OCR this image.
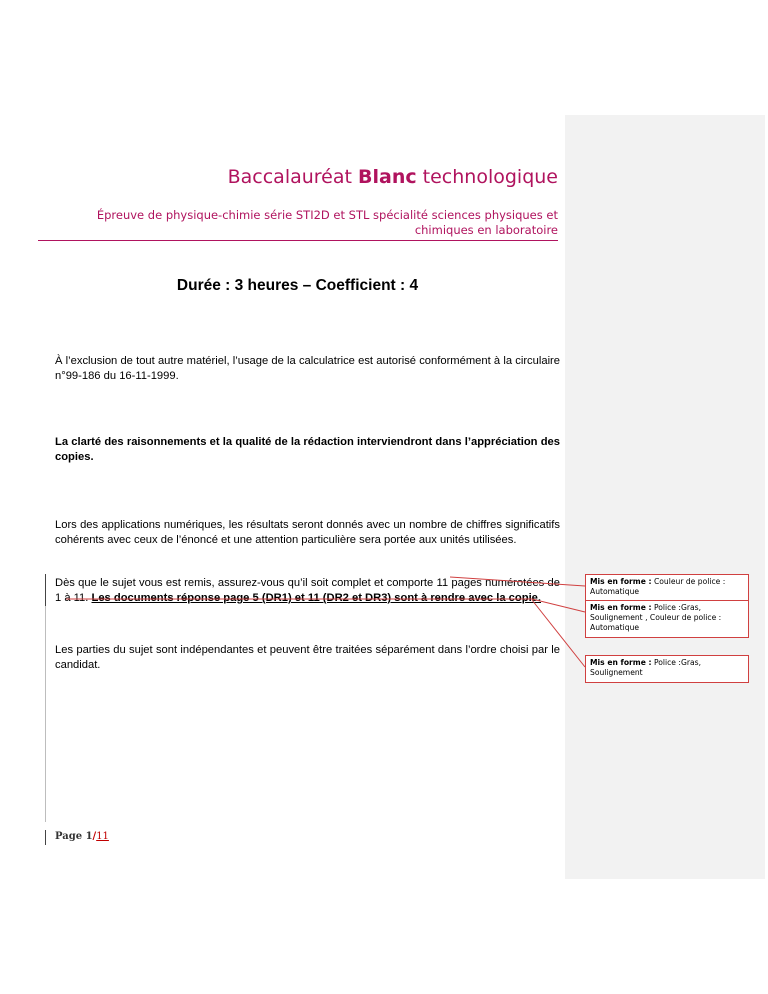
Baccalauréat Blanc technologique
Épreuve de physique-chimie série STI2D et STL spécialité sciences physiques et chimiques en laboratoire
Durée : 3 heures – Coefficient : 4
À l’exclusion de tout autre matériel, l’usage de la calculatrice est autorisé conformément à la circulaire n°99-186 du 16-11-1999.
La clarté des raisonnements et la qualité de la rédaction interviendront dans l’appréciation des copies.
Lors des applications numériques, les résultats seront donnés avec un nombre de chiffres significatifs cohérents avec ceux de l’énoncé et une attention particulière sera portée aux unités utilisées.
Dès que le sujet vous est remis, assurez-vous qu’il soit complet et comporte 11 pages numérotées de 1 à 11. Les documents réponse page 5 (DR1) et 11 (DR2 et DR3) sont à rendre avec la copie.
Les parties du sujet sont indépendantes et peuvent être traitées séparément dans l’ordre choisi par le candidat.
Page 1/11
Mis en forme : Couleur de police : Automatique
Mis en forme : Police :Gras, Soulignement , Couleur de police : Automatique
Mis en forme : Police :Gras, Soulignement
